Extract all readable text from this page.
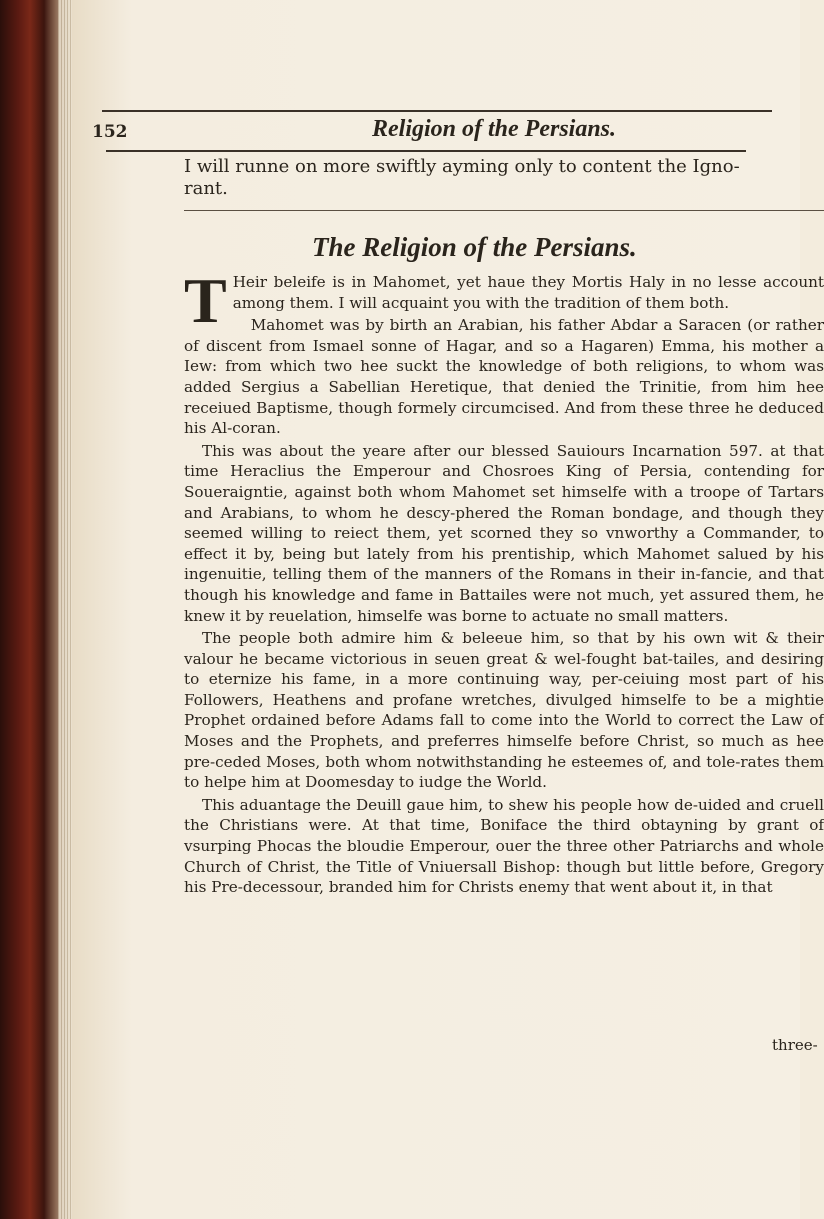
152	Religion of the Persians.

I will runne on more swiftly ayming only to content the Igno- rant.

The Religion of the Persians.

T Heir beleife is in Mahomet, yet haue they Mortis Haly in no lesse account among them. I will acquaint you with the tradition of them both.

Mahomet was by birth an Arabian, his father Abdar a Saracen (or rather of discent from Ismael sonne of Hagar, and so a Hagaren) Emma, his mother a Iew: from which two hee suckt the knowledge of both religions, to whom was added Sergius a Sabellian Heretique, that denied the Trinitie, from him hee receiued Baptisme, though formely circumcised. And from these three he deduced his Al-coran.

This was about the yeare after our blessed Sauiours Incarnation 597. at that time Heraclius the Emperour and Chosroes King of Persia, contending for Soueraigntie, against both whom Mahomet set himselfe with a troope of Tartars and Arabians, to whom he descy-phered the Roman bondage, and though they seemed willing to reiect them, yet scorned they so vnworthy a Commander, to effect it by, being but lately from his prentiship, which Mahomet salued by his ingenuitie, telling them of the manners of the Romans in their in-fancie, and that though his knowledge and fame in Battailes were not much, yet assured them, he knew it by reuelation, himselfe was borne to actuate no small matters.

The people both admire him & beleeue him, so that by his own wit & their valour he became victorious in seuen great & wel-fought bat-tailes, and desiring to eternize his fame, in a more continuing way, per-ceiuing most part of his Followers, Heathens and profane wretches, divulged himselfe to be a mightie Prophet ordained before Adams fall to come into the World to correct the Law of Moses and the Prophets, and preferres himselfe before Christ, so much as hee pre-ceded Moses, both whom notwithstanding he esteemes of, and tole-rates them to helpe him at Doomesday to iudge the World.

This aduantage the Deuill gaue him, to shew his people how de-uided and cruell the Christians were. At that time, Boniface the third obtayning by grant of vsurping Phocas the bloudie Emperour, ouer the three other Patriarchs and whole Church of Christ, the Title of Vniuersall Bishop: though but little before, Gregory his Pre-decessour, branded him for Christs enemy that went about it, in that

three-
